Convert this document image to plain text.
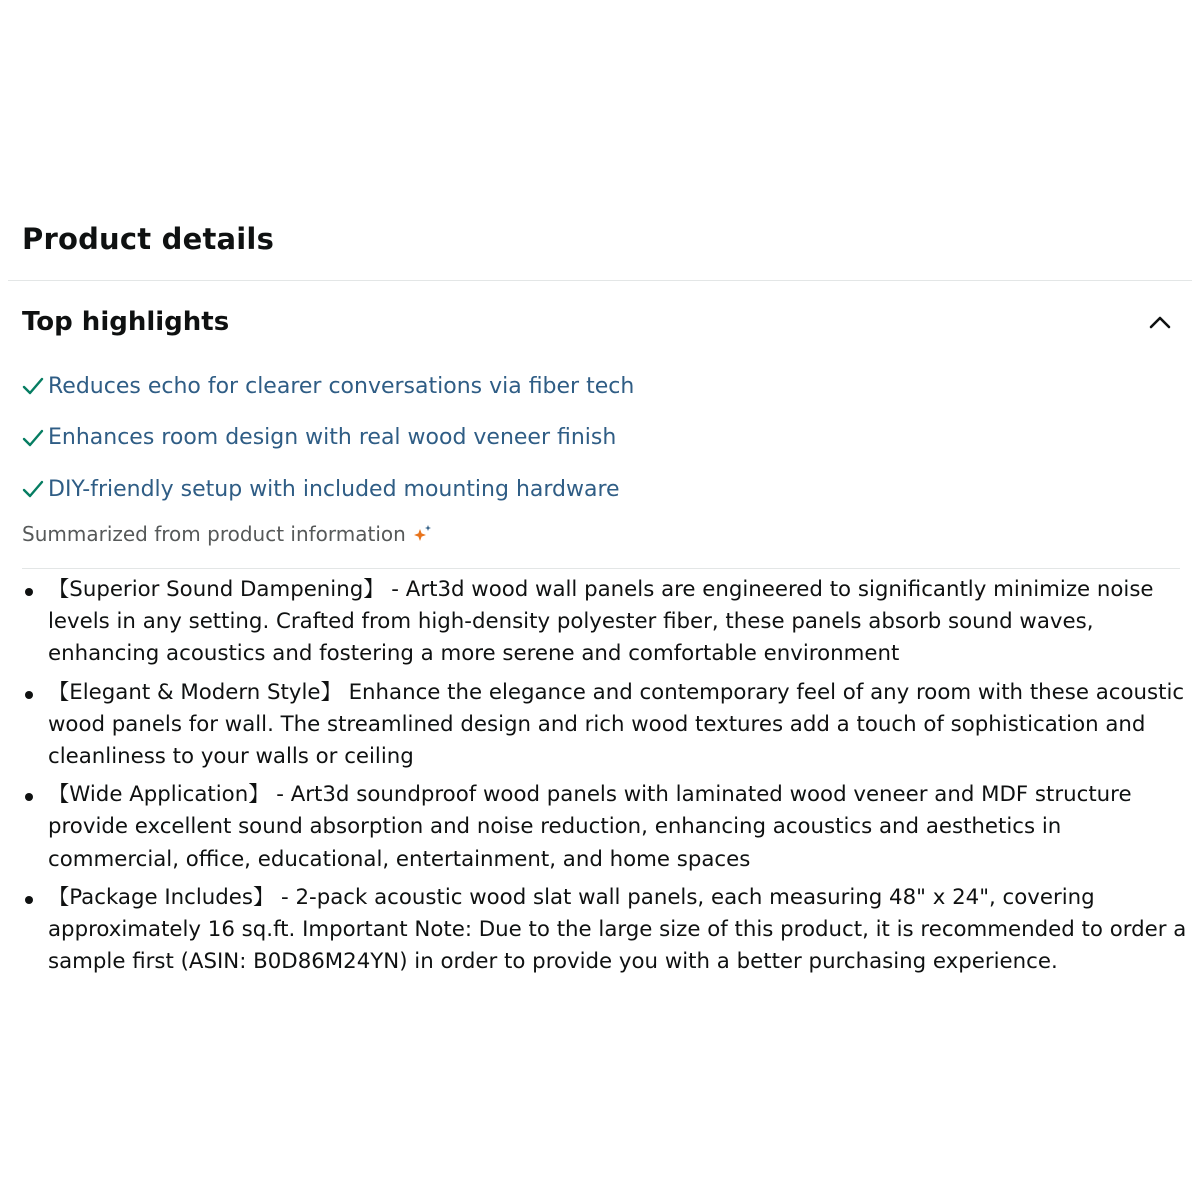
Product details
Top highlights
Reduces echo for clearer conversations via fiber tech
Enhances room design with real wood veneer finish
DIY-friendly setup with included mounting hardware
Summarized from product information
【Superior Sound Dampening】 - Art3d wood wall panels are engineered to significantly minimize noise levels in any setting. Crafted from high-density polyester fiber, these panels absorb sound waves, enhancing acoustics and fostering a more serene and comfortable environment
【Elegant & Modern Style】 Enhance the elegance and contemporary feel of any room with these acoustic wood panels for wall. The streamlined design and rich wood textures add a touch of sophistication and cleanliness to your walls or ceiling
【Wide Application】 - Art3d soundproof wood panels with laminated wood veneer and MDF structure provide excellent sound absorption and noise reduction, enhancing acoustics and aesthetics in commercial, office, educational, entertainment, and home spaces
【Package Includes】 - 2-pack acoustic wood slat wall panels, each measuring 48" x 24", covering approximately 16 sq.ft. Important Note: Due to the large size of this product, it is recommended to order a sample first (ASIN: B0D86M24YN) in order to provide you with a better purchasing experience.
